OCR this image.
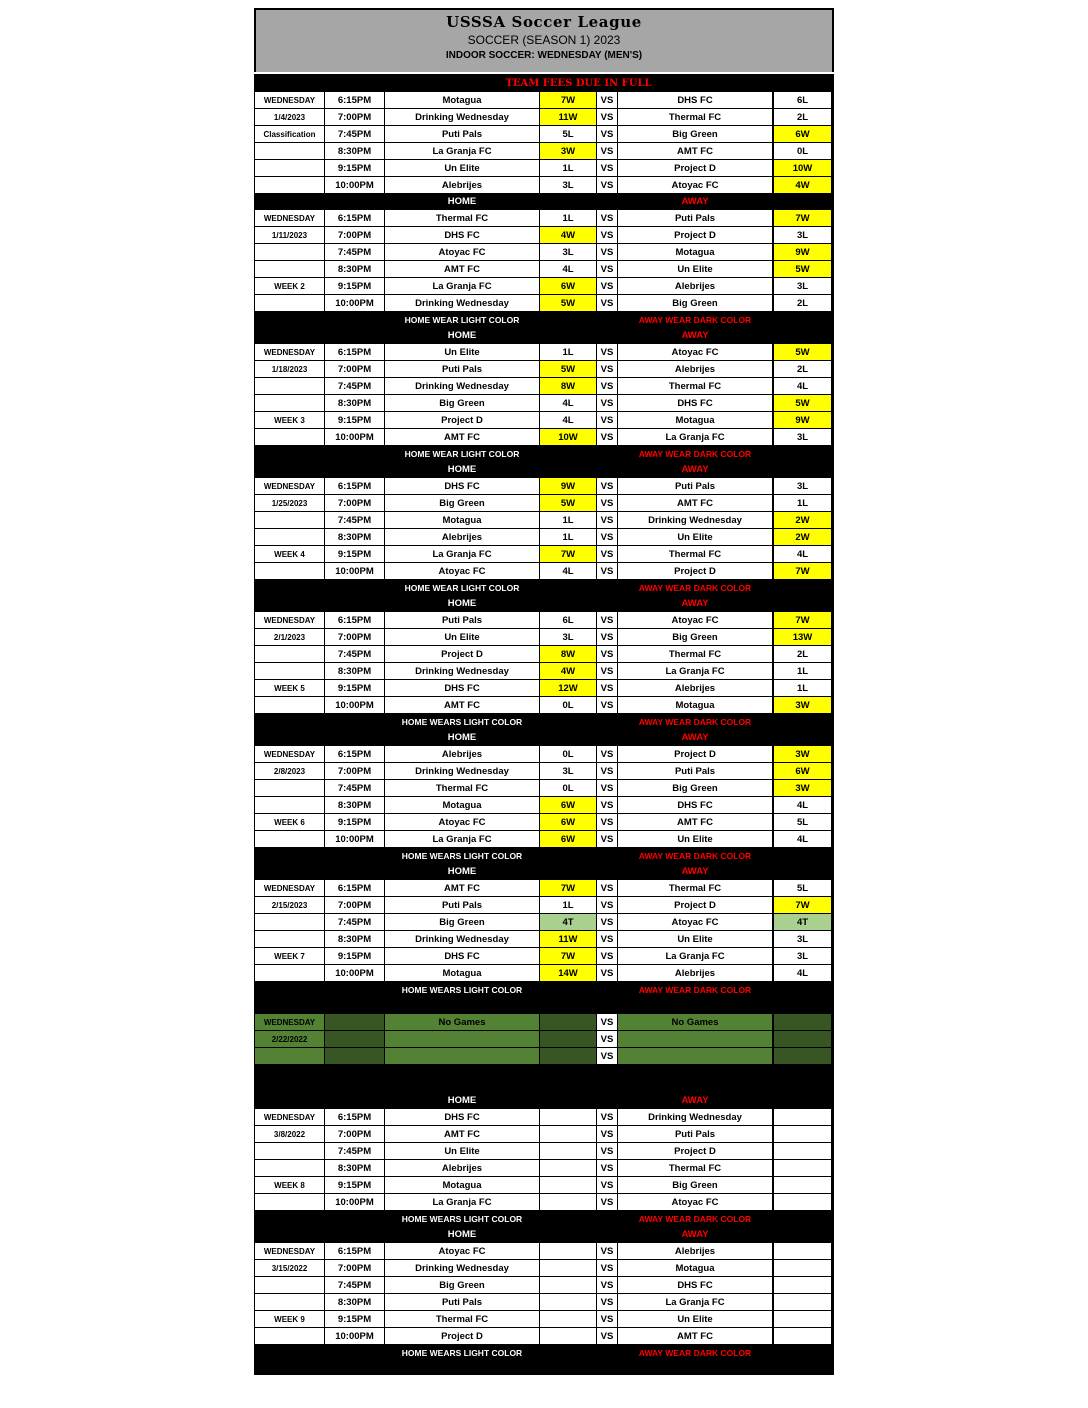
USSSA Soccer League
SOCCER (SEASON 1) 2023
INDOOR SOCCER: WEDNESDAY (MEN'S)
TEAM FEES DUE IN FULL
WEDNESDAY	6:15PM	Motagua	7W	VS	DHS FC	6L
1/4/2023	7:00PM	Drinking Wednesday	11W	VS	Thermal FC	2L
Classification	7:45PM	Puti Pals	5L	VS	Big Green	6W
8:30PM	La Granja FC	3W	VS	AMT FC	0L
9:15PM	Un Elite	1L	VS	Project D	10W
10:00PM	Alebrijes	3L	VS	Atoyac FC	4W
HOME	AWAY
WEDNESDAY	6:15PM	Thermal FC	1L	VS	Puti Pals	7W
1/11/2023	7:00PM	DHS FC	4W	VS	Project D	3L
7:45PM	Atoyac FC	3L	VS	Motagua	9W
8:30PM	AMT FC	4L	VS	Un Elite	5W
WEEK 2	9:15PM	La Granja FC	6W	VS	Alebrijes	3L
10:00PM	Drinking Wednesday	5W	VS	Big Green	2L
HOME WEAR LIGHT COLOR	AWAY WEAR DARK COLOR
HOME	AWAY
WEDNESDAY	6:15PM	Un Elite	1L	VS	Atoyac FC	5W
1/18/2023	7:00PM	Puti Pals	5W	VS	Alebrijes	2L
7:45PM	Drinking Wednesday	8W	VS	Thermal FC	4L
8:30PM	Big Green	4L	VS	DHS FC	5W
WEEK 3	9:15PM	Project D	4L	VS	Motagua	9W
10:00PM	AMT FC	10W	VS	La Granja FC	3L
HOME WEAR LIGHT COLOR	AWAY WEAR DARK COLOR
HOME	AWAY
WEDNESDAY	6:15PM	DHS FC	9W	VS	Puti Pals	3L
1/25/2023	7:00PM	Big Green	5W	VS	AMT FC	1L
7:45PM	Motagua	1L	VS	Drinking Wednesday	2W
8:30PM	Alebrijes	1L	VS	Un Elite	2W
WEEK 4	9:15PM	La Granja FC	7W	VS	Thermal FC	4L
10:00PM	Atoyac FC	4L	VS	Project D	7W
HOME WEAR LIGHT COLOR	AWAY WEAR DARK COLOR
HOME	AWAY
WEDNESDAY	6:15PM	Puti Pals	6L	VS	Atoyac FC	7W
2/1/2023	7:00PM	Un Elite	3L	VS	Big Green	13W
7:45PM	Project D	8W	VS	Thermal FC	2L
8:30PM	Drinking Wednesday	4W	VS	La Granja FC	1L
WEEK 5	9:15PM	DHS FC	12W	VS	Alebrijes	1L
10:00PM	AMT FC	0L	VS	Motagua	3W
HOME WEARS LIGHT COLOR	AWAY WEAR DARK COLOR
HOME	AWAY
WEDNESDAY	6:15PM	Alebrijes	0L	VS	Project D	3W
2/8/2023	7:00PM	Drinking Wednesday	3L	VS	Puti Pals	6W
7:45PM	Thermal FC	0L	VS	Big Green	3W
8:30PM	Motagua	6W	VS	DHS FC	4L
WEEK 6	9:15PM	Atoyac FC	6W	VS	AMT FC	5L
10:00PM	La Granja FC	6W	VS	Un Elite	4L
HOME WEARS LIGHT COLOR	AWAY WEAR DARK COLOR
HOME	AWAY
WEDNESDAY	6:15PM	AMT FC	7W	VS	Thermal FC	5L
2/15/2023	7:00PM	Puti Pals	1L	VS	Project D	7W
7:45PM	Big Green	4T	VS	Atoyac FC	4T
8:30PM	Drinking Wednesday	11W	VS	Un Elite	3L
WEEK 7	9:15PM	DHS FC	7W	VS	La Granja FC	3L
10:00PM	Motagua	14W	VS	Alebrijes	4L
HOME WEARS LIGHT COLOR	AWAY WEAR DARK COLOR
WEDNESDAY	No Games	VS	No Games
2/22/2022	VS
VS
HOME	AWAY
WEDNESDAY	6:15PM	DHS FC	VS	Drinking Wednesday
3/8/2022	7:00PM	AMT FC	VS	Puti Pals
7:45PM	Un Elite	VS	Project D
8:30PM	Alebrijes	VS	Thermal FC
WEEK 8	9:15PM	Motagua	VS	Big Green
10:00PM	La Granja FC	VS	Atoyac FC
HOME WEARS LIGHT COLOR	AWAY WEAR DARK COLOR
HOME	AWAY
WEDNESDAY	6:15PM	Atoyac FC	VS	Alebrijes
3/15/2022	7:00PM	Drinking Wednesday	VS	Motagua
7:45PM	Big Green	VS	DHS FC
8:30PM	Puti Pals	VS	La Granja FC
WEEK 9	9:15PM	Thermal FC	VS	Un Elite
10:00PM	Project D	VS	AMT FC
HOME WEARS LIGHT COLOR	AWAY WEAR DARK COLOR
